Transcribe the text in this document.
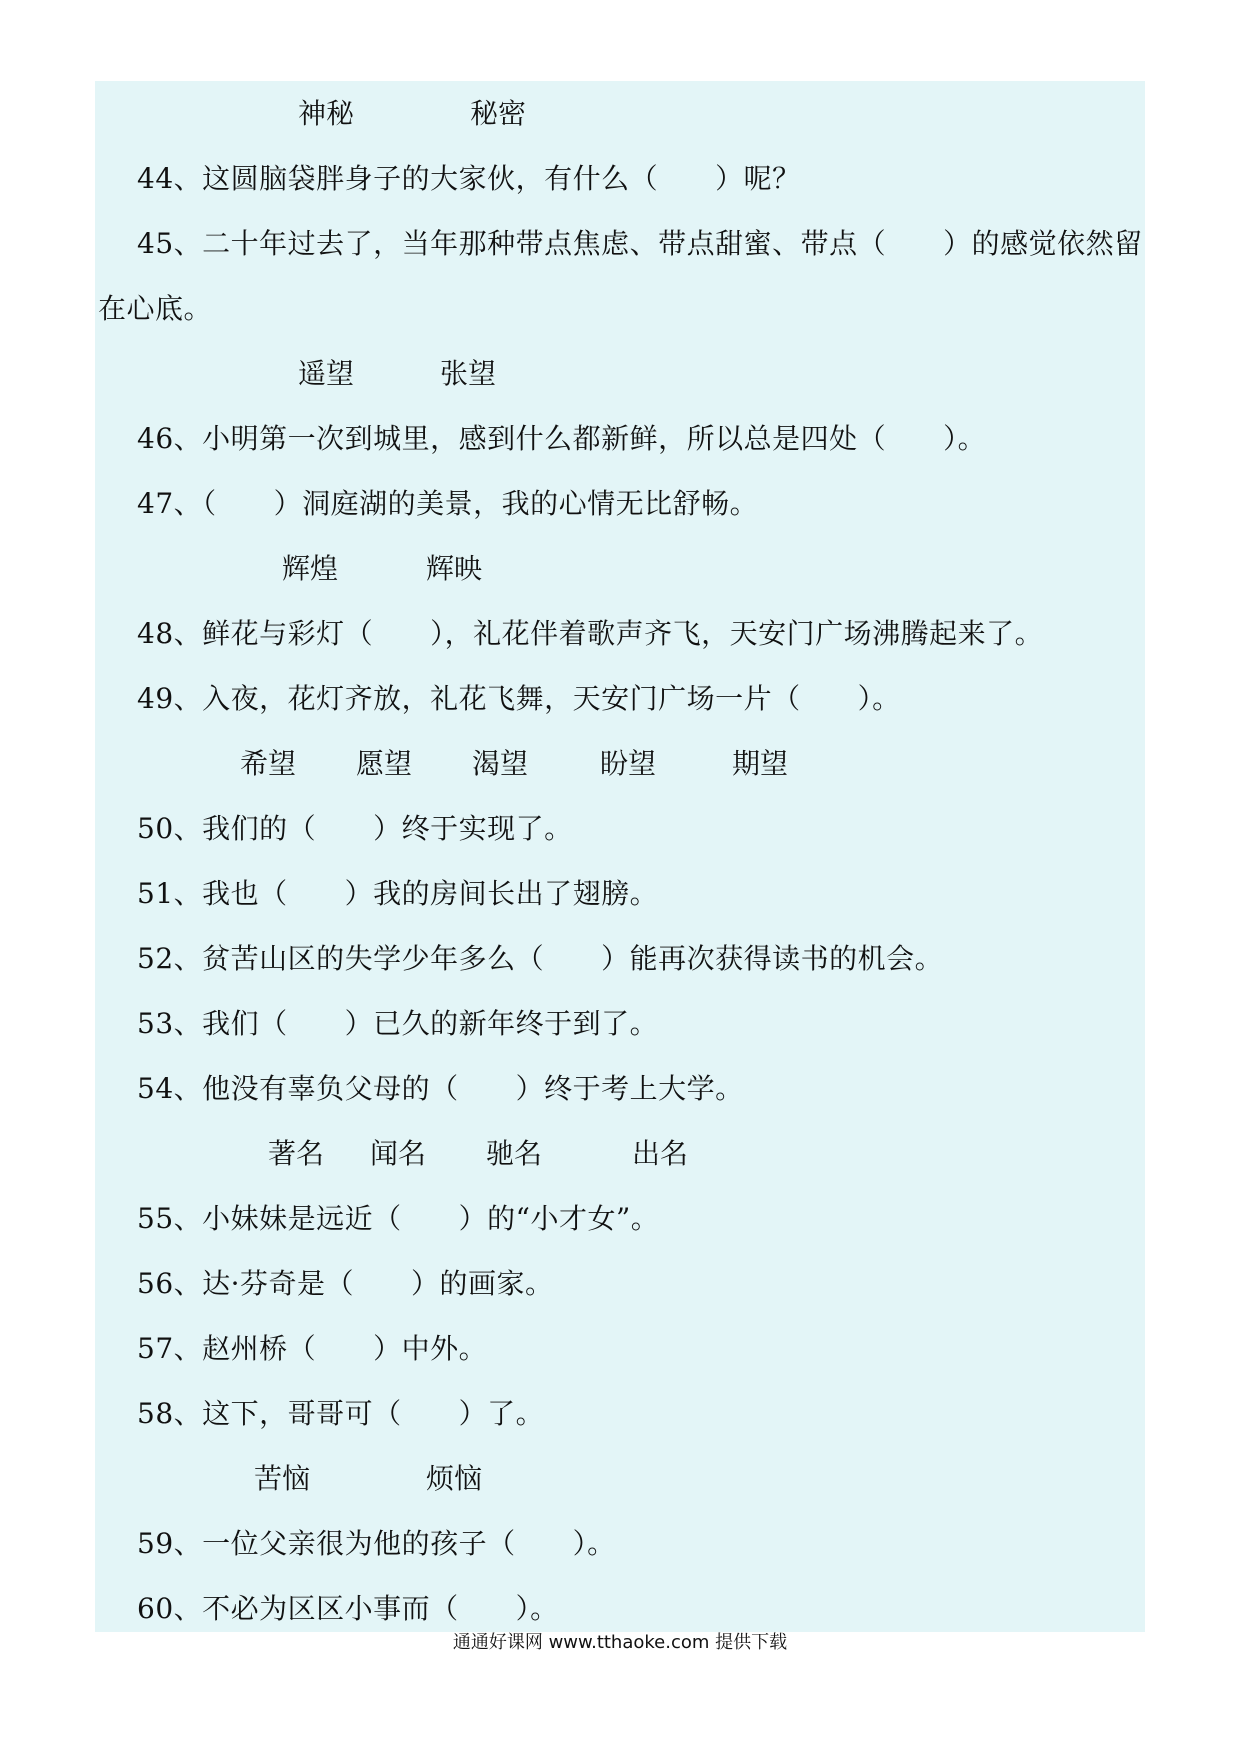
神秘	秘密
44、这圆脑袋胖身子的大家伙，有什么（　　）呢？
45、二十年过去了，当年那种带点焦虑、带点甜蜜、带点（　　）的感觉依然留
在心底。
遥望	张望
46、小明第一次到城里，感到什么都新鲜，所以总是四处（　　）。
47、（　　）洞庭湖的美景，我的心情无比舒畅。
辉煌	辉映
48、鲜花与彩灯（　　），礼花伴着歌声齐飞，天安门广场沸腾起来了。
49、入夜，花灯齐放，礼花飞舞，天安门广场一片（　　）。
希望 愿望 渴望	盼望	期望
50、我们的（　　）终于实现了。
51、我也（　　）我的房间长出了翅膀。
52、贫苦山区的失学少年多么（　　）能再次获得读书的机会。
53、我们（　　）已久的新年终于到了。
54、他没有辜负父母的（　　）终于考上大学。
著名 闻名 驰名	出名
55、小妹妹是远近（　　）的“小才女”。
56、达·芬奇是（　　）的画家。
57、赵州桥（　　）中外。
58、这下，哥哥可（　　）了。
苦恼	烦恼
59、一位父亲很为他的孩子（　　）。
60、不必为区区小事而（　　）。
通通好课网 www.tthaoke.com 提供下载
